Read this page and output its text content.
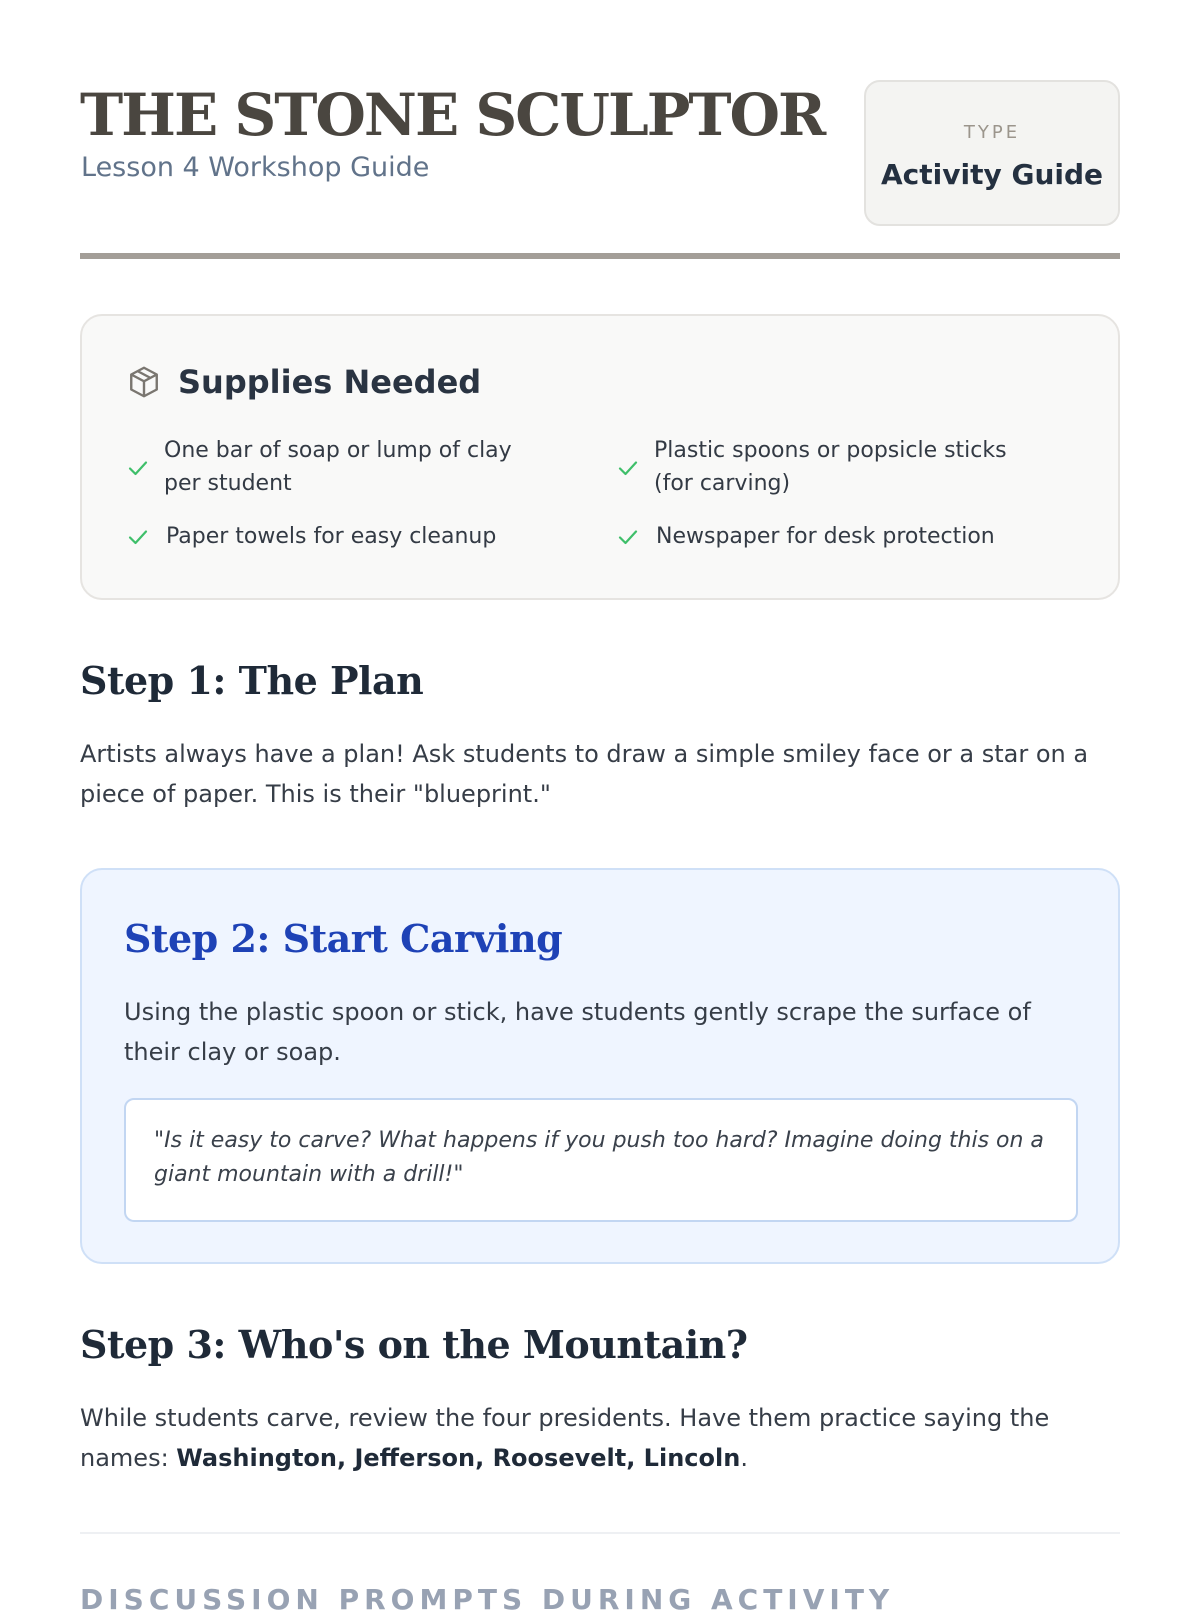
THE STONE SCULPTOR
Lesson 4 Workshop Guide
TYPE
Activity Guide
Supplies Needed
One bar of soap or lump of clay per student
Plastic spoons or popsicle sticks (for carving)
Paper towels for easy cleanup	Newspaper for desk protection
Step 1: The Plan

Artists always have a plan! Ask students to draw a simple smiley face or a star on a piece of paper. This is their "blueprint."

Step 2: Start Carving

Using the plastic spoon or stick, have students gently scrape the surface of their clay or soap.

"Is it easy to carve? What happens if you push too hard? Imagine doing this on a giant mountain with a drill!"

Step 3: Who's on the Mountain?

While students carve, review the four presidents. Have them practice saying the names: Washington, Jefferson, Roosevelt, Lincoln.

DISCUSSION PROMPTS DURING ACTIVITY
